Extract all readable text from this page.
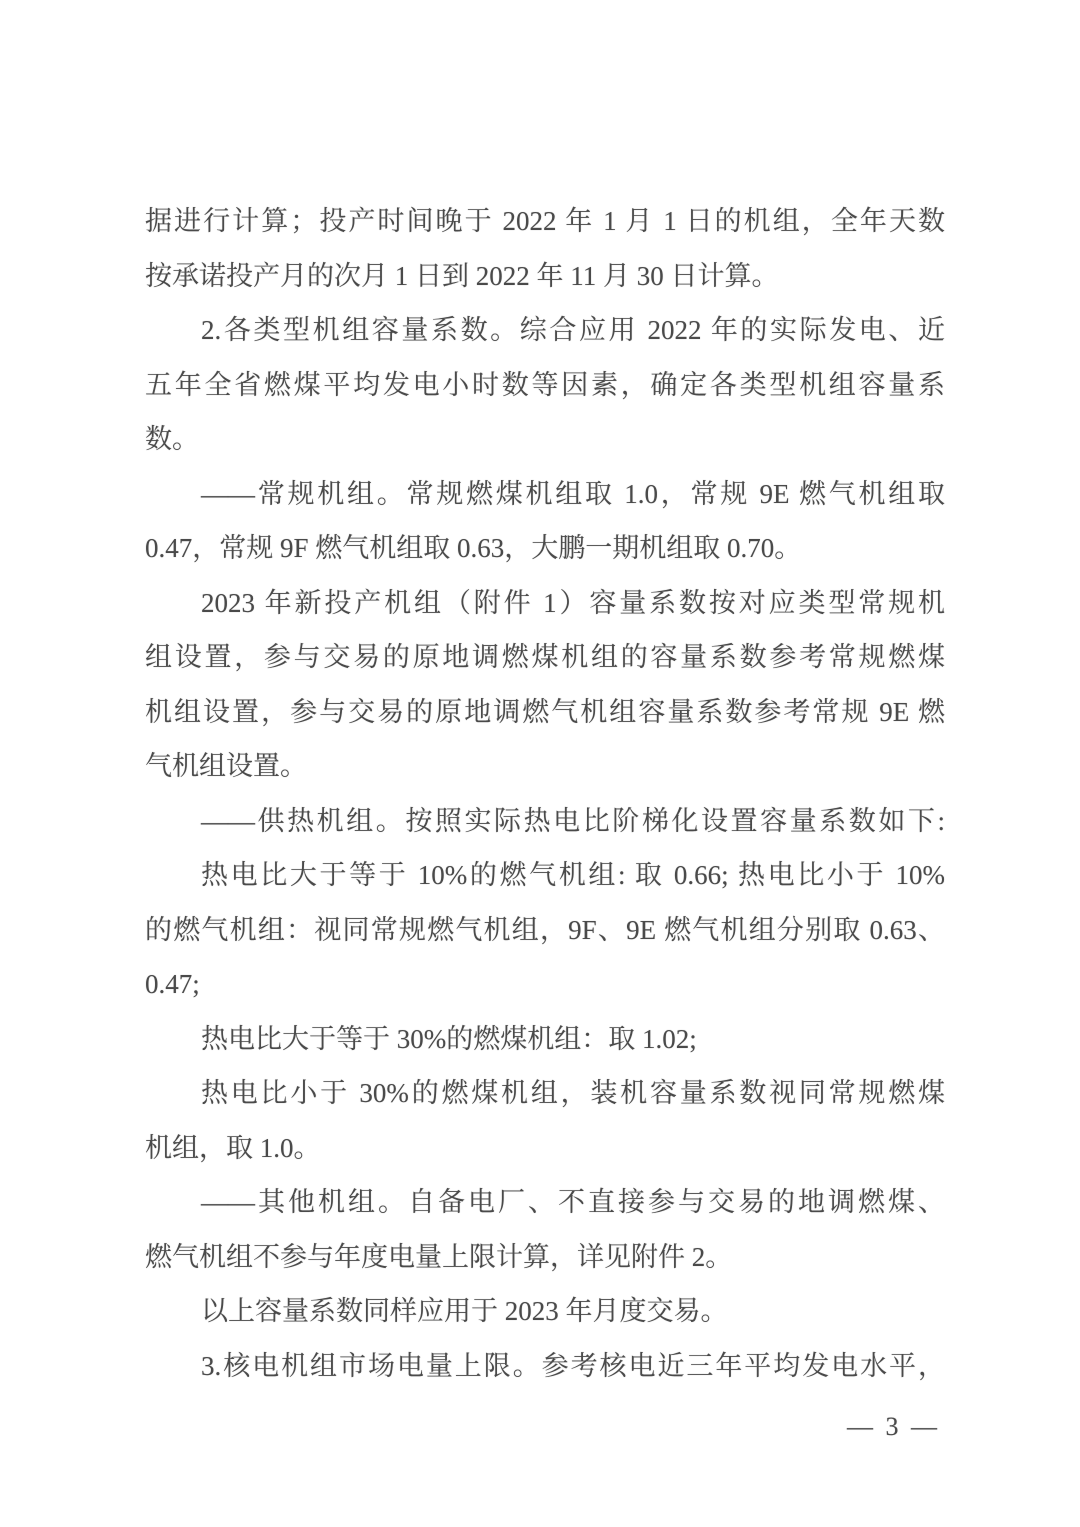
据进行计算；投产时间晚于 2022 年 1 月 1 日的机组，全年天数
按承诺投产月的次月 1 日到 2022 年 11 月 30 日计算。
2.各类型机组容量系数。综合应用 2022 年的实际发电、近
五年全省燃煤平均发电小时数等因素，确定各类型机组容量系
数。
——常规机组。常规燃煤机组取 1.0，常规 9E 燃气机组取
0.47，常规 9F 燃气机组取 0.63，大鹏一期机组取 0.70。
2023 年新投产机组（附件 1）容量系数按对应类型常规机
组设置，参与交易的原地调燃煤机组的容量系数参考常规燃煤
机组设置，参与交易的原地调燃气机组容量系数参考常规 9E 燃
气机组设置。
——供热机组。按照实际热电比阶梯化设置容量系数如下:
热电比大于等于 10%的燃气机组: 取 0.66; 热电比小于 10%
的燃气机组：视同常规燃气机组，9F、9E 燃气机组分别取 0.63、
0.47;
热电比大于等于 30%的燃煤机组：取 1.02;
热电比小于 30%的燃煤机组，装机容量系数视同常规燃煤
机组，取 1.0。
——其他机组。自备电厂、不直接参与交易的地调燃煤、
燃气机组不参与年度电量上限计算，详见附件 2。
以上容量系数同样应用于 2023 年月度交易。
3.核电机组市场电量上限。参考核电近三年平均发电水平，
— 3 —
